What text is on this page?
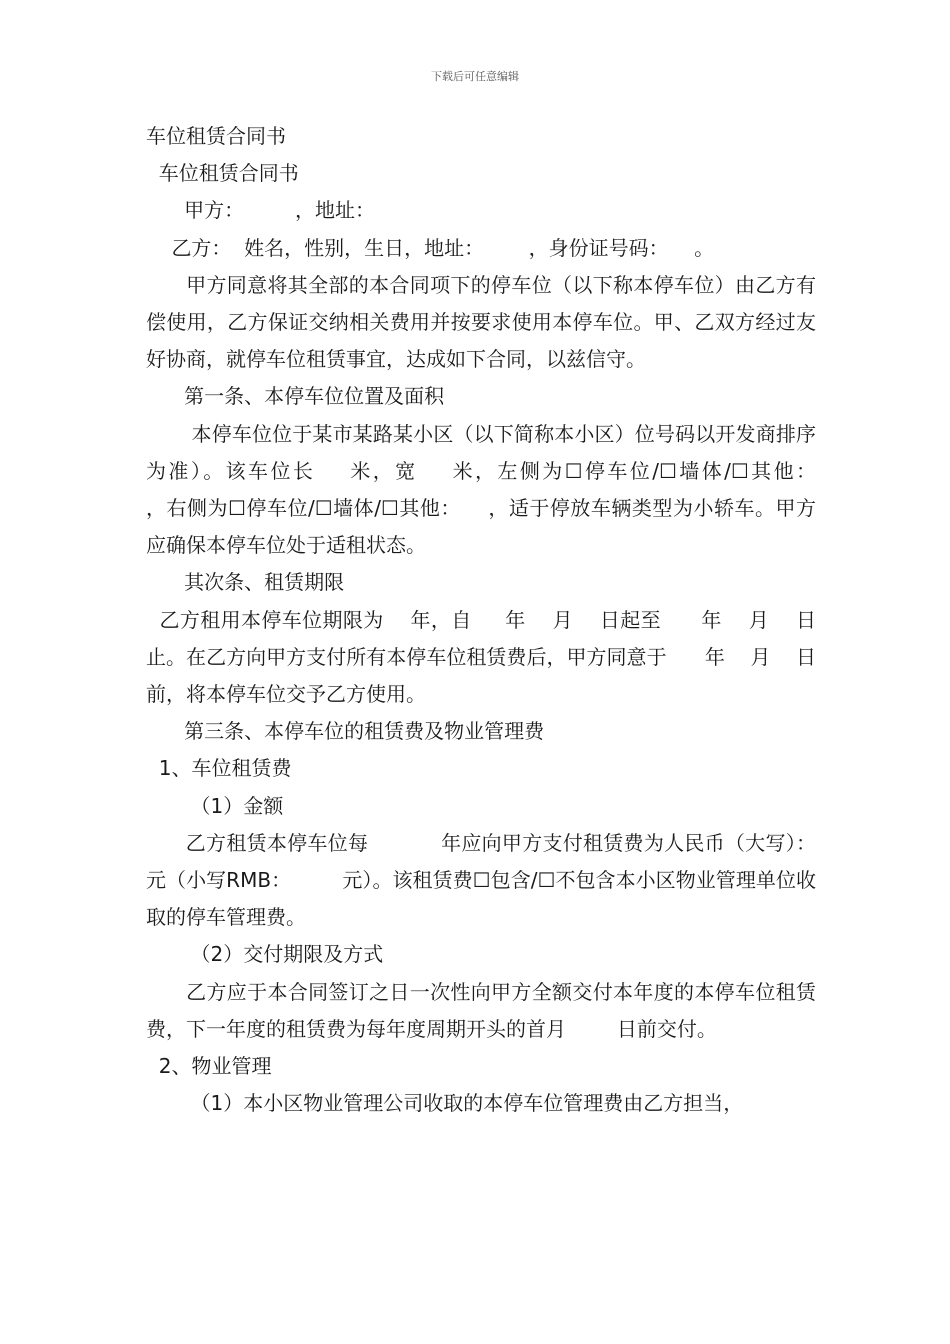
下载后可任意编辑

车位租赁合同书

车位租赁合同书

甲方：        ，地址：

乙方：  姓名，性别，生日，地址：       ，身份证号码：    。

甲方同意将其全部的本合同项下的停车位（以下称本停车位）由乙方有偿使用，乙方保证交纳相关费用并按要求使用本停车位。甲、乙双方经过友好协商，就停车位租赁事宜，达成如下合同，以兹信守。

第一条、本停车位位置及面积

本停车位位于某市某路某小区（以下简称本小区）位号码以开发商排序为准）。该车位长    米，宽    米，左侧为☐停车位/☐墙体/☐其他：             ，右侧为☐停车位/☐墙体/☐其他：    ，适于停放车辆类型为小轿车。甲方应确保本停车位处于适租状态。

其次条、租赁期限

乙方租用本停车位期限为    年，自     年    月    日起至      年    月    日止。在乙方向甲方支付所有本停车位租赁费后，甲方同意于      年    月    日前，将本停车位交予乙方使用。

第三条、本停车位的租赁费及物业管理费

1、车位租赁费

（1）金额

乙方租赁本停车位每           年应向甲方支付租赁费为人民币（大写）：      元（小写RMB：        元）。该租赁费☐包含/☐不包含本小区物业管理单位收取的停车管理费。

（2）交付期限及方式

乙方应于本合同签订之日一次性向甲方全额交付本年度的本停车位租赁费，下一年度的租赁费为每年度周期开头的首月        日前交付。

2、物业管理

（1）本小区物业管理公司收取的本停车位管理费由乙方担当，
